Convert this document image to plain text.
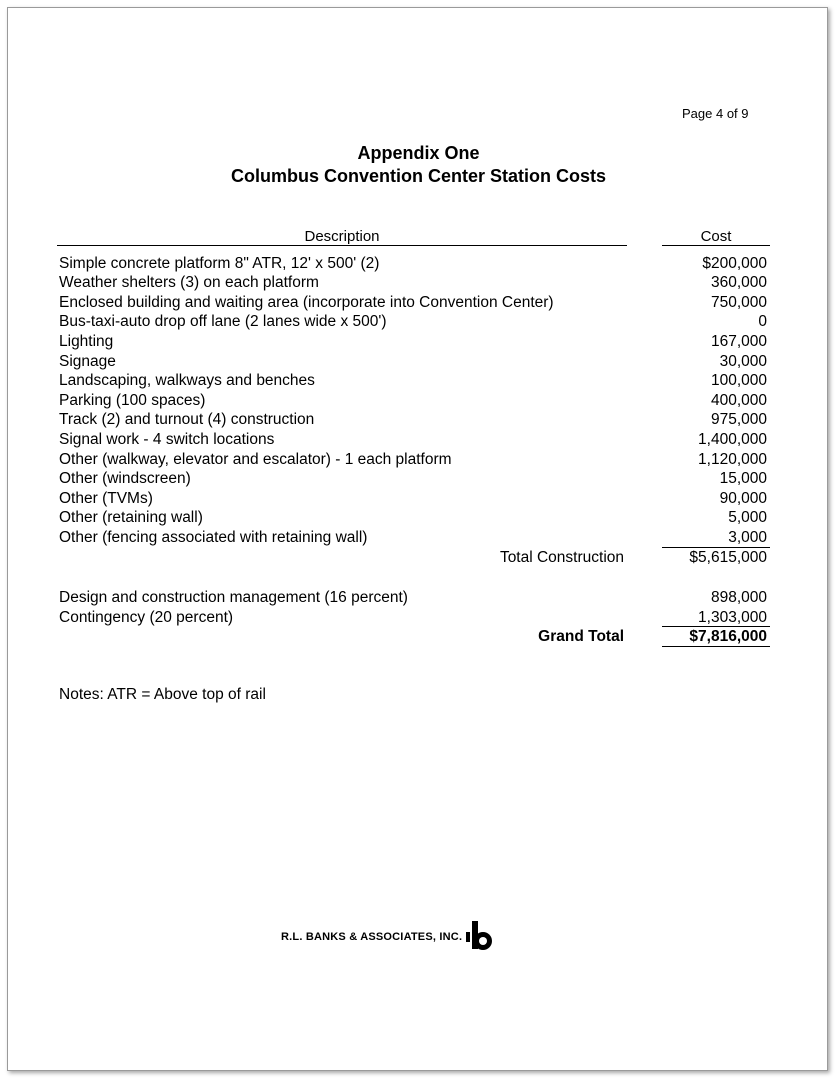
Page 4 of 9
Appendix One
Columbus Convention Center Station Costs
Description	Cost
Simple concrete platform 8" ATR, 12' x 500' (2)	$200,000
Weather shelters (3) on each platform	360,000
Enclosed building and waiting area (incorporate into Convention Center)	750,000
Bus-taxi-auto drop off lane (2 lanes wide x 500')	0
Lighting	167,000
Signage	30,000
Landscaping, walkways and benches	100,000
Parking (100 spaces)	400,000
Track (2) and turnout (4) construction	975,000
Signal work - 4 switch locations	1,400,000
Other (walkway, elevator and escalator) - 1 each platform	1,120,000
Other (windscreen)	15,000
Other (TVMs)	90,000
Other (retaining wall)	5,000
Other (fencing associated with retaining wall)	3,000
Total Construction	$5,615,000
Design and construction management (16 percent)	898,000
Contingency (20 percent)	1,303,000
Grand Total	$7,816,000
Notes: ATR = Above top of rail
R.L. BANKS & ASSOCIATES, INC.
